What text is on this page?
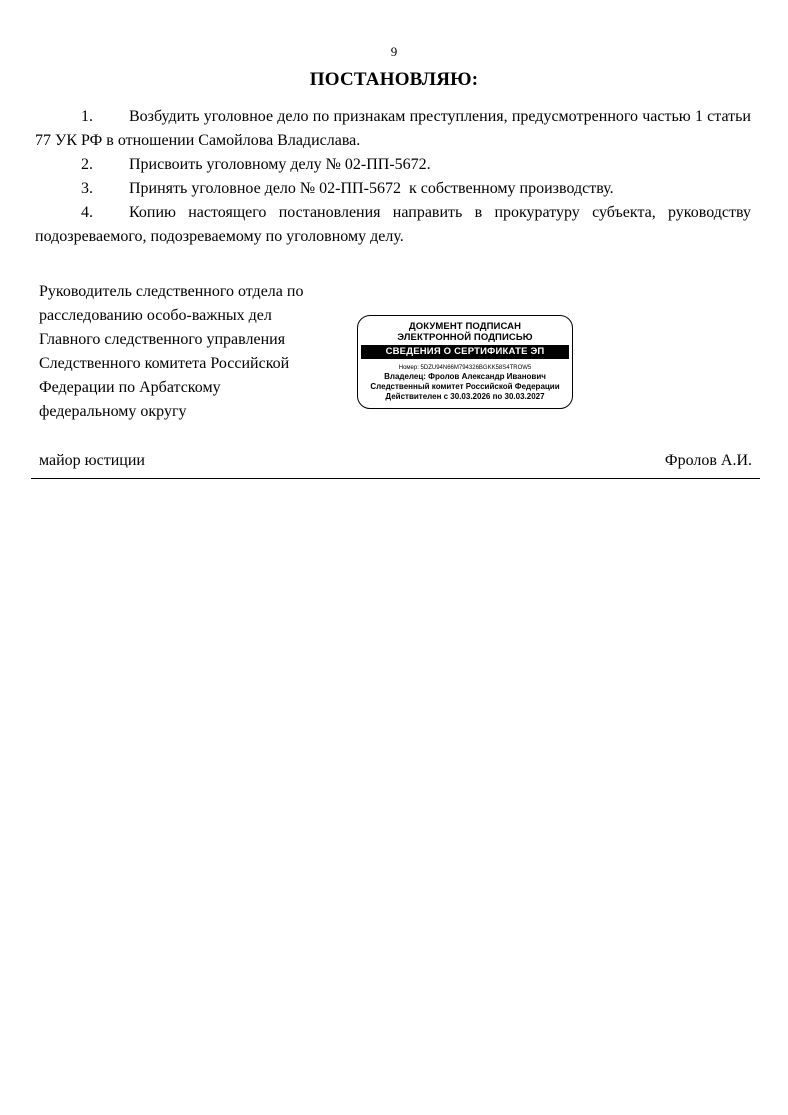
9
ПОСТАНОВЛЯЮ:

1. Возбудить уголовное дело по признакам преступления, предусмотренного частью 1 статьи 77 УК РФ в отношении Самойлова Владислава.

2. Присвоить уголовному делу № 02-ПП-5672.

3. Принять уголовное дело № 02-ПП-5672  к собственному производству.

4. Копию настоящего постановления направить в прокуратуру субъекта, руководству подозреваемого, подозреваемому по уголовному делу.

Руководитель следственного отдела по
расследованию особо-важных дел
Главного следственного управления
Следственного комитета Российской
Федерации по Арбатскому
федеральному округу
ДОКУМЕНТ ПОДПИСАН
ЭЛЕКТРОННОЙ ПОДПИСЬЮ
СВЕДЕНИЯ О СЕРТИФИКАТЕ ЭП
Номер: 5DZU94N66M794326BGKK58S4TROW5
Владелец: Фролов Александр Иванович
Следственный комитет Российской Федерации
Действителен с 30.03.2026 по 30.03.2027
майор юстиции	Фролов А.И.
